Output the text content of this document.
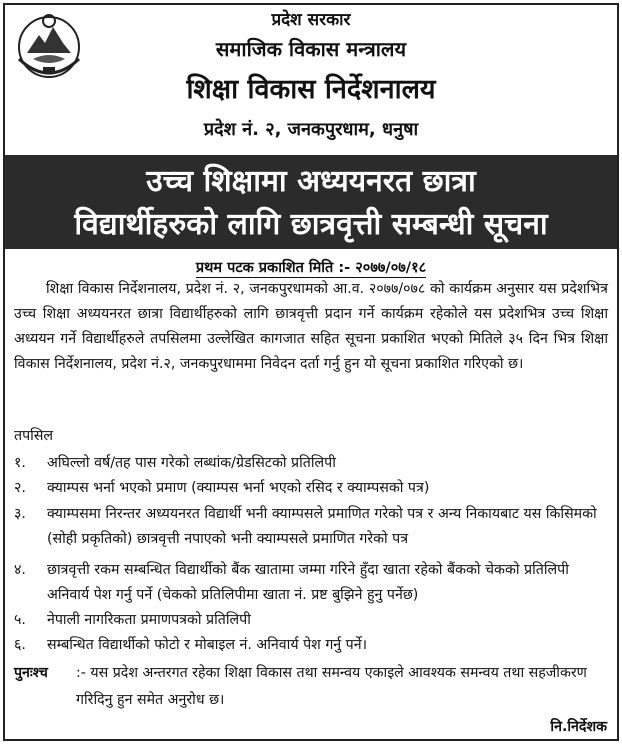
प्रदेश सरकार
समाजिक विकास मन्त्रालय
शिक्षा विकास निर्देशनालय
प्रदेश नं. २, जनकपुरधाम, धनुषा
उच्च शिक्षामा अध्ययनरत छात्रा
विद्यार्थीहरुको लागि छात्रवृत्ती सम्बन्धी सूचना
प्रथम पटक प्रकाशित मिति :- २०७७/०७/१८

शिक्षा विकास निर्देशनालय, प्रदेश नं. २, जनकपुरधामको आ.व. २०७७/०७८ को कार्यक्रम अनुसार यस प्रदेशभित्र उच्च शिक्षा अध्ययनरत छात्रा विद्यार्थीहरुको लागि छात्रवृत्ती प्रदान गर्ने कार्यक्रम रहेकोले यस प्रदेशभित्र उच्च शिक्षा अध्ययन गर्ने विद्यार्थीहरुले तपसिलमा उल्लेखित कागजात सहित सूचना प्रकाशित भएको मितिले ३५ दिन भित्र शिक्षा विकास निर्देशनालय, प्रदेश नं.२, जनकपुरधाममा निवेदन दर्ता गर्नु हुन यो सूचना प्रकाशित गरिएको छ।

तपसिल
१. अघिल्लो वर्ष/तह पास गरेको लब्धांक/ग्रेडसिटको प्रतिलिपी
२. क्याम्पस भर्ना भएको प्रमाण (क्याम्पस भर्ना भएको रसिद र क्याम्पसको पत्र)
३. क्याम्पसमा निरन्तर अध्ययनरत विद्यार्थी भनी क्याम्पसले प्रमाणित गरेको पत्र र अन्य निकायबाट यस किसिमको (सोही प्रकृतिको) छात्रवृत्ती नपाएको भनी क्याम्पसले प्रमाणित गरेको पत्र
४. छात्रवृत्ती रकम सम्बन्धित विद्यार्थीको बैंक खातामा जम्मा गरिने हुँदा खाता रहेको बैंकको चेकको प्रतिलिपी अनिवार्य पेश गर्नु पर्ने (चेकको प्रतिलिपीमा खाता नं. प्रष्ट बुझिने हुनु पर्नेछ)
५. नेपाली नागरिकता प्रमाणपत्रको प्रतिलिपी
६. सम्बन्धित विद्यार्थीको फोटो र मोबाइल नं. अनिवार्य पेश गर्नु पर्ने।
पुनःश्च :- यस प्रदेश अन्तरगत रहेका शिक्षा विकास तथा समन्वय एकाइले आवश्यक समन्वय तथा सहजीकरण गरिदिनु हुन समेत अनुरोध छ।
नि.निर्देशक
